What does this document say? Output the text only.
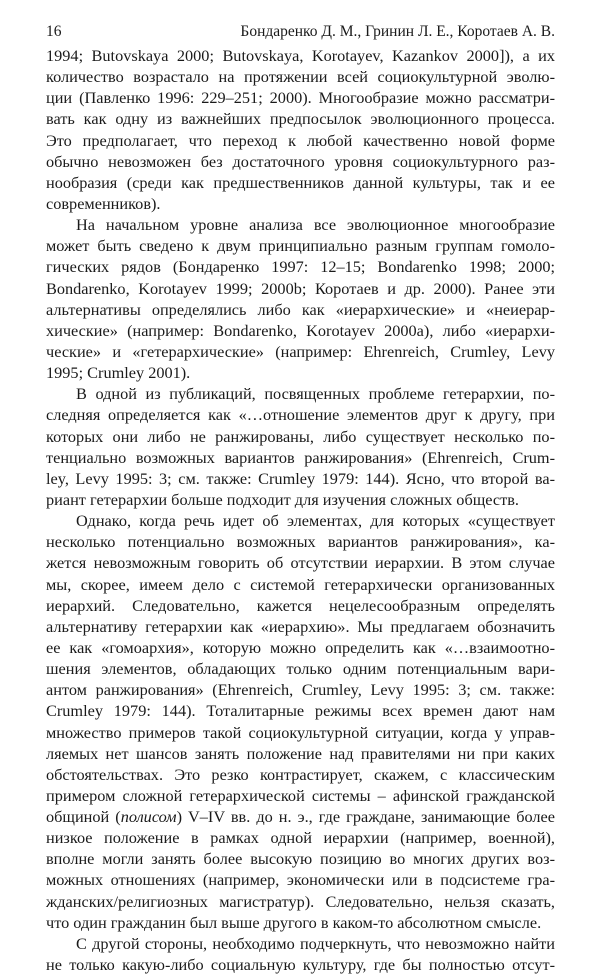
16	Бондаренко Д. М., Гринин Л. Е., Коротаев А. В.
1994; Butovskaya 2000; Butovskaya, Korotayev, Kazankov 2000]), а их
количество возрастало на протяжении всей социокультурной эволю-
ции (Павленко 1996: 229–251; 2000). Многообразие можно рассматри-
вать как одну из важнейших предпосылок эволюционного процесса.
Это предполагает, что переход к любой качественно новой форме
обычно невозможен без достаточного уровня социокультурного раз-
нообразия (среди как предшественников данной культуры, так и ее
современников).
На начальном уровне анализа все эволюционное многообразие
может быть сведено к двум принципиально разным группам гомоло-
гических рядов (Бондаренко 1997: 12–15; Bondarenko 1998; 2000;
Bondarenko, Korotayev 1999; 2000b; Коротаев и др. 2000). Ранее эти
альтернативы определялись либо как «иерархические» и «неиерар-
хические» (например: Bondarenko, Korotayev 2000a), либо «иерархи-
ческие» и «гетерархические» (например: Ehrenreich, Crumley, Levy
1995; Crumley 2001).
В одной из публикаций, посвященных проблеме гетерархии, по-
следняя определяется как «…отношение элементов друг к другу, при
которых они либо не ранжированы, либо существует несколько по-
тенциально возможных вариантов ранжирования» (Ehrenreich, Crum-
ley, Levy 1995: 3; см. также: Crumley 1979: 144). Ясно, что второй ва-
риант гетерархии больше подходит для изучения сложных обществ.
Однако, когда речь идет об элементах, для которых «существует
несколько потенциально возможных вариантов ранжирования», ка-
жется невозможным говорить об отсутствии иерархии. В этом случае
мы, скорее, имеем дело с системой гетерархически организованных
иерархий. Следовательно, кажется нецелесообразным определять
альтернативу гетерархии как «иерархию». Мы предлагаем обозначить
ее как «гомоархия», которую можно определить как «…взаимоотно-
шения элементов, обладающих только одним потенциальным вари-
антом ранжирования» (Ehrenreich, Crumley, Levy 1995: 3; см. также:
Crumley 1979: 144). Тоталитарные режимы всех времен дают нам
множество примеров такой социокультурной ситуации, когда у управ-
ляемых нет шансов занять положение над правителями ни при каких
обстоятельствах. Это резко контрастирует, скажем, с классическим
примером сложной гетерархической системы – афинской гражданской
общиной (полисом) V–IV вв. до н. э., где граждане, занимающие более
низкое положение в рамках одной иерархии (например, военной),
вполне могли занять более высокую позицию во многих других воз-
можных отношениях (например, экономически или в подсистеме гра-
жданских/религиозных магистратур). Следовательно, нельзя сказать,
что один гражданин был выше другого в каком-то абсолютном смысле.
С другой стороны, необходимо подчеркнуть, что невозможно найти
не только какую-либо социальную культуру, где бы полностью отсут-
